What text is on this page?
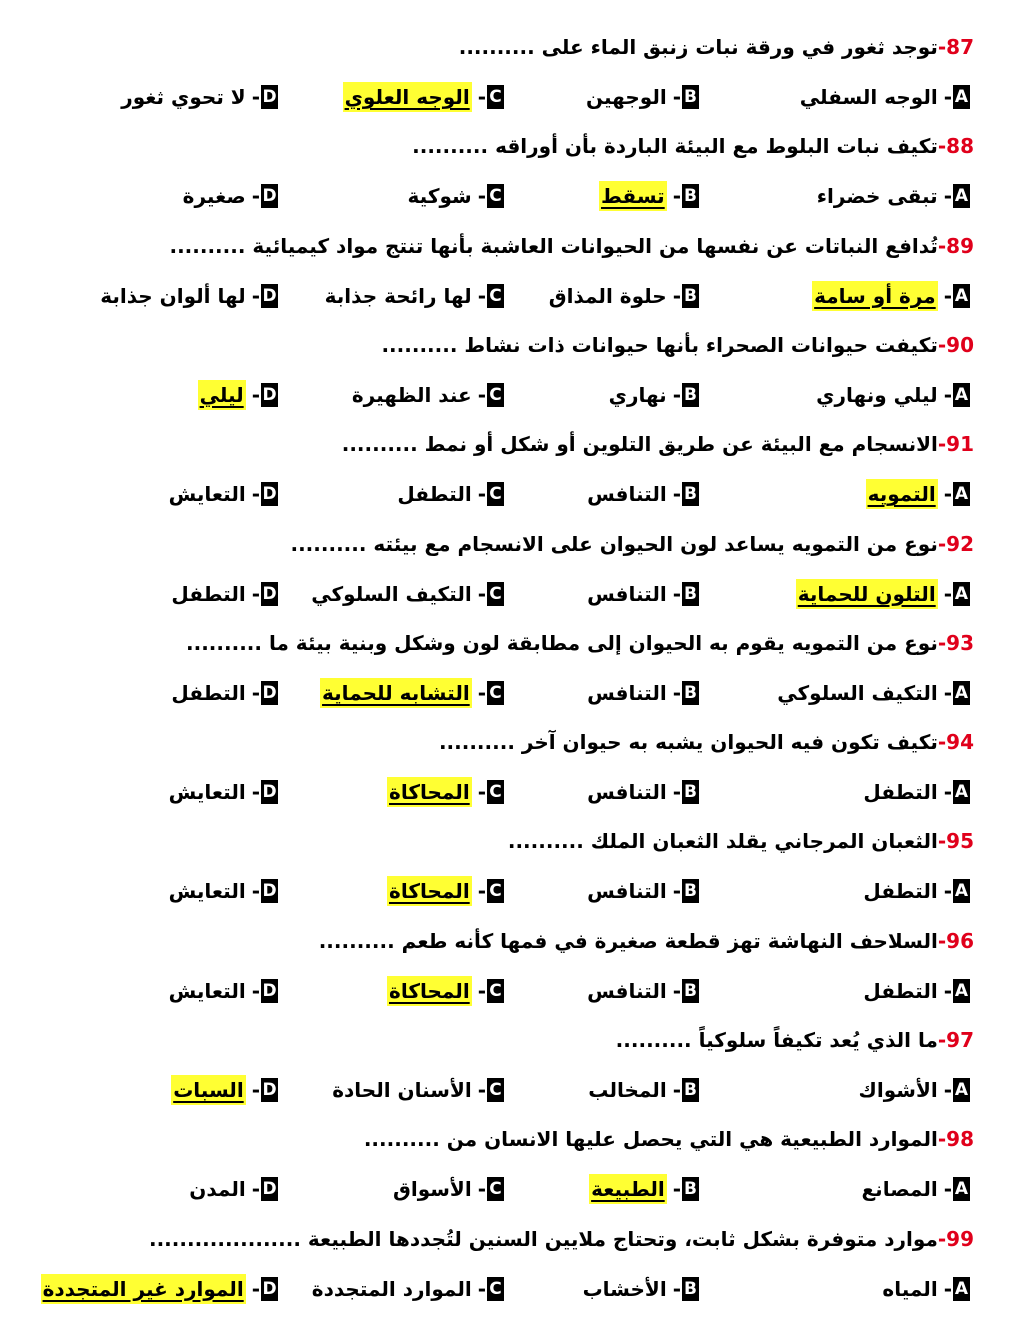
87-توجد ثغور في ورقة نبات زنبق الماء على ..........
A
-
الوجه السفلي
B
-
الوجهين
C
-
الوجه العلوي
D
-
لا تحوي ثغور
88-تكيف نبات البلوط مع البيئة الباردة بأن أوراقه ..........
A
-
تبقى خضراء
B
-
تسقط
C
-
شوكية
D
-
صغيرة
89-تُدافع النباتات عن نفسها من الحيوانات العاشبة بأنها تنتج مواد كيميائية ..........
A
-
مرة أو سامة
B
-
حلوة المذاق
C
-
لها رائحة جذابة
D
-
لها ألوان جذابة
90-تكيفت حيوانات الصحراء بأنها حيوانات ذات نشاط ..........
A
-
ليلي ونهاري
B
-
نهاري
C
-
عند الظهيرة
D
-
ليلي
91-الانسجام مع البيئة عن طريق التلوين أو شكل أو نمط ..........
A
-
التمويه
B
-
التنافس
C
-
التطفل
D
-
التعايش
92-نوع من التمويه يساعد لون الحيوان على الانسجام مع بيئته ..........
A
-
التلون للحماية
B
-
التنافس
C
-
التكيف السلوكي
D
-
التطفل
93-نوع من التمويه يقوم به الحيوان إلى مطابقة لون وشكل وبنية بيئة ما ..........
A
-
التكيف السلوكي
B
-
التنافس
C
-
التشابه للحماية
D
-
التطفل
94-تكيف تكون فيه الحيوان يشبه به حيوان آخر ..........
A
-
التطفل
B
-
التنافس
C
-
المحاكاة
D
-
التعايش
95-الثعبان المرجاني يقلد الثعبان الملك ..........
A
-
التطفل
B
-
التنافس
C
-
المحاكاة
D
-
التعايش
96-السلاحف النهاشة تهز قطعة صغيرة في فمها كأنه طعم ..........
A
-
التطفل
B
-
التنافس
C
-
المحاكاة
D
-
التعايش
97-ما الذي يُعد تكيفاً سلوكياً ..........
A
-
الأشواك
B
-
المخالب
C
-
الأسنان الحادة
D
-
السبات
98-الموارد الطبيعية هي التي يحصل عليها الانسان من ..........
A
-
المصانع
B
-
الطبيعة
C
-
الأسواق
D
-
المدن
99-موارد متوفرة بشكل ثابت، وتحتاج ملايين السنين لتُجددها الطبيعة ....................
A
-
المياه
B
-
الأخشاب
C
-
الموارد المتجددة
D
-
الموارد غير المتجددة
